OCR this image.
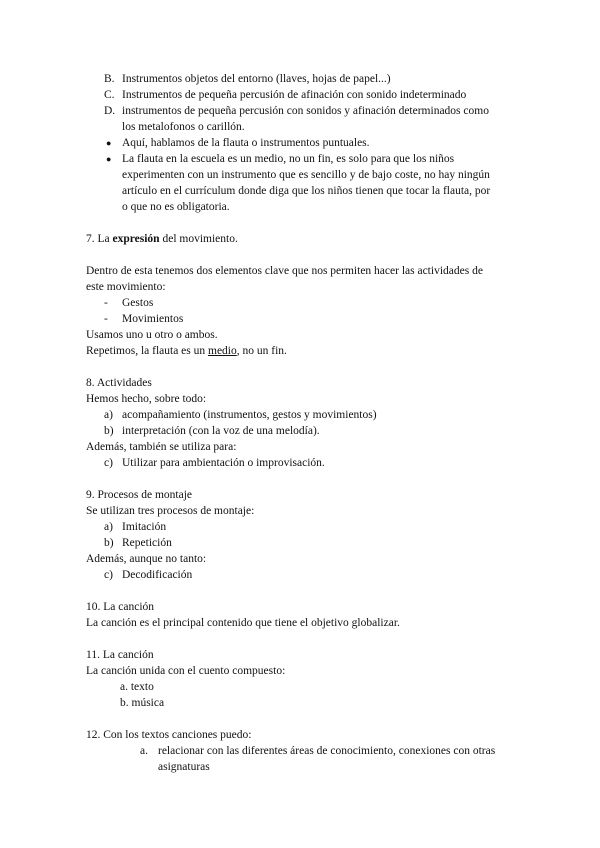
B. Instrumentos objetos del entorno (llaves, hojas de papel...)
C. Instrumentos de pequeña percusión de afinación con sonido indeterminado
D. instrumentos de pequeña percusión con sonidos y afinación determinados como
los metalofonos o carillón.
● Aquí, hablamos de la flauta o instrumentos puntuales.
● La flauta en la escuela es un medio, no un fin, es solo para que los niños
experimenten con un instrumento que es sencillo y de bajo coste, no hay ningún
artículo en el currículum donde diga que los niños tienen que tocar la flauta, por
o que no es obligatoria.
7. La expresión del movimiento.
Dentro de esta tenemos dos elementos clave que nos permiten hacer las actividades de
este movimiento:
- Gestos
- Movimientos
Usamos uno u otro o ambos.
Repetimos, la flauta es un medio, no un fin.
8. Actividades
Hemos hecho, sobre todo:
a) acompañamiento (instrumentos, gestos y movimientos)
b) interpretación (con la voz de una melodía).
Además, también se utiliza para:
c) Utilizar para ambientación o improvisación.
9. Procesos de montaje
Se utilizan tres procesos de montaje:
a) Imitación
b) Repetición
Además, aunque no tanto:
c) Decodificación
10. La canción
La canción es el principal contenido que tiene el objetivo globalizar.
11. La canción
La canción unida con el cuento compuesto:
a. texto
b. música
12. Con los textos canciones puedo:
a. relacionar con las diferentes áreas de conocimiento, conexiones con otras
asignaturas
